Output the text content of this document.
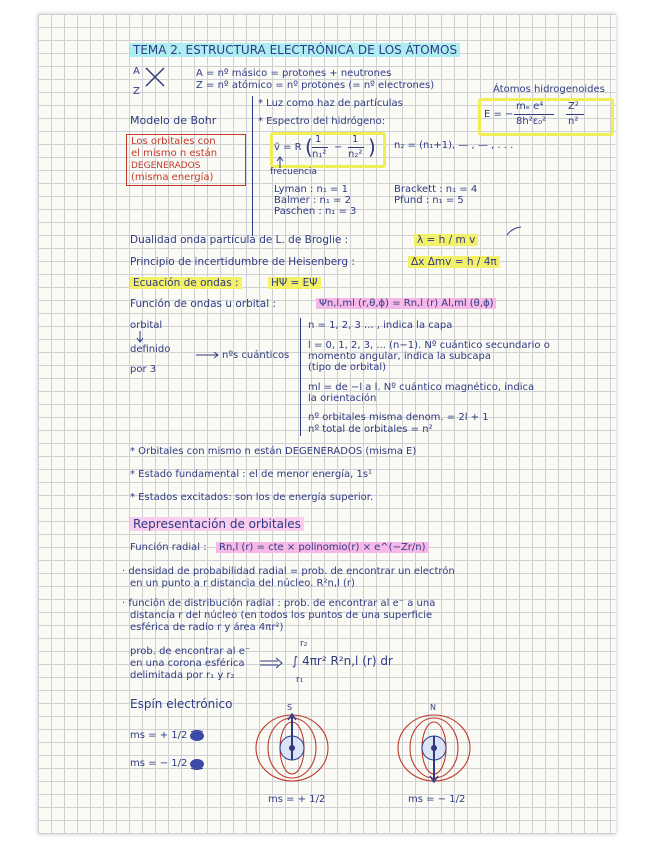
TEMA 2. ESTRUCTURA ELECTRÓNICA DE LOS ÁTOMOS
A
Z
A = nº másico = protones + neutrones
Z = nº atómico = nº protones (= nº electrones)	Átomos hidrogenoides
E = −
mₑ e⁴
8h²ε₀²
Z²
n²
Modelo de Bohr
Los orbitales con
el mismo n están
DEGENERADOS
(misma energía)
* Luz como haz de partículas
* Espectro del hidrógeno:
ṽ = R ( 1
n₁²
−
1
n₂² ) n₂ = (n₁+1), — , — , . . .
frecuencia
Lyman : n₁ = 1
Balmer : n₁ = 2
Paschen : n₁ = 3
Brackett : n₁ = 4
Pfund : n₁ = 5
Dualidad onda partícula de L. de Broglie :	λ = h / m v
Principio de incertidumbre de Heisenberg :	Δx Δmv = h / 4π
Ecuación de ondas :	HΨ = EΨ
Función de ondas u orbital :	Ψn,l,ml (r,θ,ϕ) = Rn,l (r) Al,ml (θ,ϕ)
orbital
definido
por 3
nºs cuánticos
n = 1, 2, 3 ... , indica la capa
l = 0, 1, 2, 3, ... (n−1). Nº cuántico secundario o
momento angular, indica la subcapa
(tipo de orbital)
ml = de −l a l. Nº cuántico magnético, indica
la orientación
nº orbitales misma denom. = 2l + 1
nº total de orbitales = n²
* Orbitales con mismo n están DEGENERADOS (misma E)
* Estado fundamental : el de menor energía, 1s¹
* Estados excitados: son los de energía superior.
Representación de orbitales
Función radial :	Rn,l (r) = cte × polinomio(r) × e^(−Zr/n)
· densidad de probabilidad radial = prob. de encontrar un electrón
en un punto a r distancia del núcleo. R²n,l (r)
· función de distribución radial : prob. de encontrar al e⁻ a una
distancia r del núcleo (en todos los puntos de una superficie
esférica de radio r y área 4πr²)
prob. de encontrar al e⁻
en una corona esférica
delimitada por r₁ y r₂
r₂
∫ 4πr² R²n,l (r) dr
r₁
Espín electrónico
ms = + 1/2
ms = − 1/2
S
ms = + 1/2
N
ms = − 1/2
